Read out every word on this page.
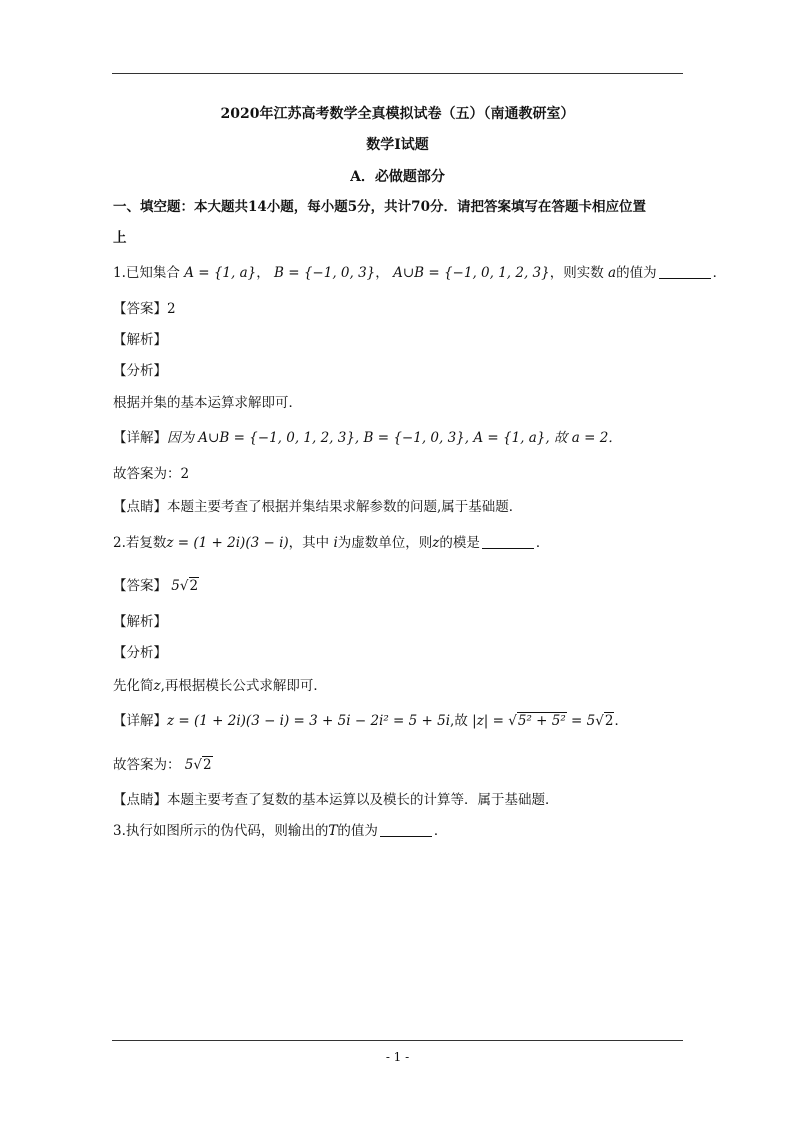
2020年江苏高考数学全真模拟试卷（五）（南通教研室）
数学Ⅰ试题
A．必做题部分
一、填空题：本大题共14小题，每小题5分，共计70分．请把答案填写在答题卡相应位置
上
1.已知集合 A = {1, a}， B = {−1, 0, 3}， A∪B = {−1, 0, 1, 2, 3}，则实数 a的值为	．
【答案】2
【解析】
【分析】
根据并集的基本运算求解即可．
【详解】因为 A∪B = {−1, 0, 1, 2, 3}, B = {−1, 0, 3}, A = {1, a}, 故 a = 2．
故答案为：2
【点睛】本题主要考查了根据并集结果求解参数的问题,属于基础题．
2.若复数z = (1 + 2i)(3 − i)，其中 i为虚数单位，则z的模是	．
【答案】 5√2
【解析】
【分析】
先化简z,再根据模长公式求解即可．
【详解】z = (1 + 2i)(3 − i) = 3 + 5i − 2i² = 5 + 5i,故 |z| = √5² + 5² = 5√2．
故答案为： 5√2
【点睛】本题主要考查了复数的基本运算以及模长的计算等．属于基础题．
3.执行如图所示的伪代码，则输出的T的值为	．
- 1 -
